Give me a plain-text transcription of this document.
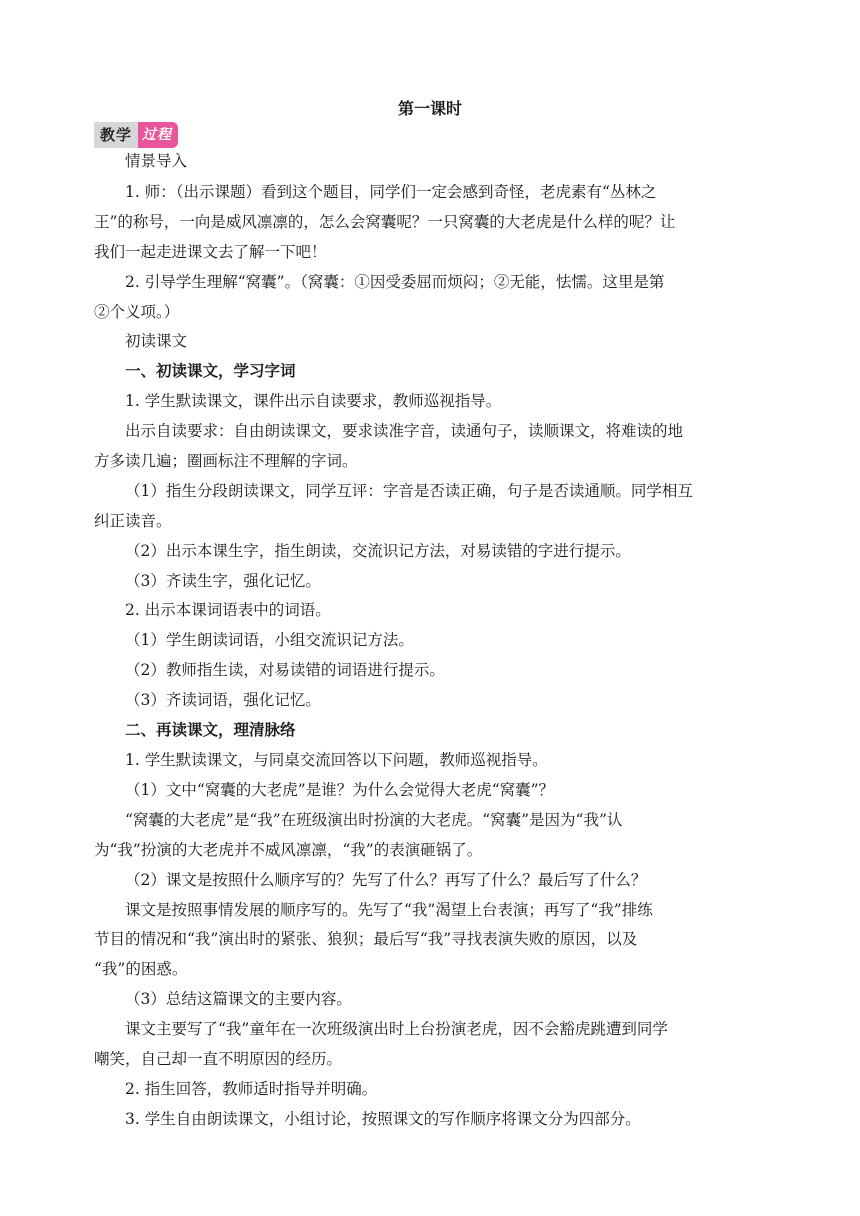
第一课时
教学 过程
情景导入
1. 师：（出示课题）看到这个题目，同学们一定会感到奇怪，老虎素有“丛林之
王”的称号，一向是威风凛凛的，怎么会窝囊呢？一只窝囊的大老虎是什么样的呢？让
我们一起走进课文去了解一下吧！
2. 引导学生理解“窝囊”。（窝囊：①因受委屈而烦闷；②无能，怯懦。这里是第
②个义项。）
初读课文
一、初读课文，学习字词
1. 学生默读课文，课件出示自读要求，教师巡视指导。
出示自读要求：自由朗读课文，要求读准字音，读通句子，读顺课文，将难读的地
方多读几遍；圈画标注不理解的字词。
（1）指生分段朗读课文，同学互评：字音是否读正确，句子是否读通顺。同学相互
纠正读音。
（2）出示本课生字，指生朗读，交流识记方法，对易读错的字进行提示。
（3）齐读生字，强化记忆。
2. 出示本课词语表中的词语。
（1）学生朗读词语，小组交流识记方法。
（2）教师指生读，对易读错的词语进行提示。
（3）齐读词语，强化记忆。
二、再读课文，理清脉络
1. 学生默读课文，与同桌交流回答以下问题，教师巡视指导。
（1）文中“窝囊的大老虎”是谁？为什么会觉得大老虎“窝囊”？
“窝囊的大老虎”是“我”在班级演出时扮演的大老虎。“窝囊”是因为“我”认
为“我”扮演的大老虎并不威风凛凛，“我”的表演砸锅了。
（2）课文是按照什么顺序写的？先写了什么？再写了什么？最后写了什么？
课文是按照事情发展的顺序写的。先写了“我”渴望上台表演；再写了“我”排练
节目的情况和“我”演出时的紧张、狼狈；最后写“我”寻找表演失败的原因，以及
“我”的困惑。
（3）总结这篇课文的主要内容。
课文主要写了“我”童年在一次班级演出时上台扮演老虎，因不会豁虎跳遭到同学
嘲笑，自己却一直不明原因的经历。
2. 指生回答，教师适时指导并明确。
3. 学生自由朗读课文，小组讨论，按照课文的写作顺序将课文分为四部分。
